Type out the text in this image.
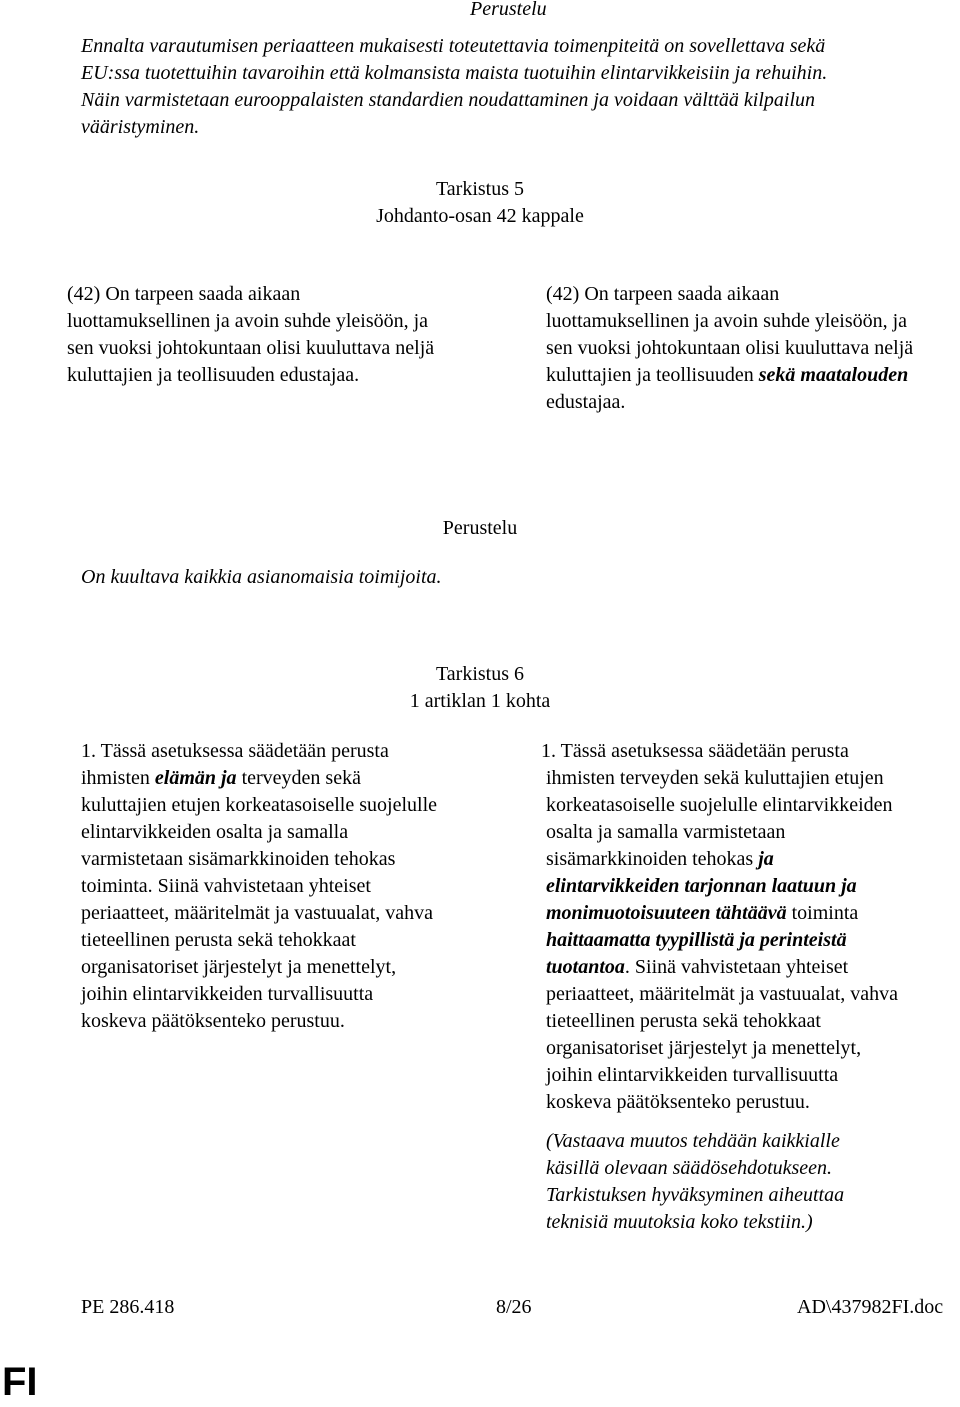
Perustelu
Ennalta varautumisen periaatteen mukaisesti toteutettavia toimenpiteitä on sovellettava sekä
EU:ssa tuotettuihin tavaroihin että kolmansista maista tuotuihin elintarvikkeisiin ja rehuihin.
Näin varmistetaan eurooppalaisten standardien noudattaminen ja voidaan välttää kilpailun
vääristyminen.
Tarkistus 5
Johdanto-osan 42 kappale
(42) On tarpeen saada aikaan
luottamuksellinen ja avoin suhde yleisöön, ja
sen vuoksi johtokuntaan olisi kuuluttava neljä
kuluttajien ja teollisuuden edustajaa.
(42) On tarpeen saada aikaan
luottamuksellinen ja avoin suhde yleisöön, ja
sen vuoksi johtokuntaan olisi kuuluttava neljä
kuluttajien ja teollisuuden sekä maatalouden
edustajaa.
Perustelu
On kuultava kaikkia asianomaisia toimijoita.
Tarkistus 6
1 artiklan 1 kohta
1. Tässä asetuksessa säädetään perusta
ihmisten elämän ja terveyden sekä
kuluttajien etujen korkeatasoiselle suojelulle
elintarvikkeiden osalta ja samalla
varmistetaan sisämarkkinoiden tehokas
toiminta. Siinä vahvistetaan yhteiset
periaatteet, määritelmät ja vastuualat, vahva
tieteellinen perusta sekä tehokkaat
organisatoriset järjestelyt ja menettelyt,
joihin elintarvikkeiden turvallisuutta
koskeva päätöksenteko perustuu.
1. Tässä asetuksessa säädetään perusta
ihmisten terveyden sekä kuluttajien etujen
korkeatasoiselle suojelulle elintarvikkeiden
osalta ja samalla varmistetaan
sisämarkkinoiden tehokas ja
elintarvikkeiden tarjonnan laatuun ja
monimuotoisuuteen tähtäävä toiminta
haittaamatta tyypillistä ja perinteistä
tuotantoa. Siinä vahvistetaan yhteiset
periaatteet, määritelmät ja vastuualat, vahva
tieteellinen perusta sekä tehokkaat
organisatoriset järjestelyt ja menettelyt,
joihin elintarvikkeiden turvallisuutta
koskeva päätöksenteko perustuu.
(Vastaava muutos tehdään kaikkialle
käsillä olevaan säädösehdotukseen.
Tarkistuksen hyväksyminen aiheuttaa
teknisiä muutoksia koko tekstiin.)
PE 286.418	8/26	AD\437982FI.doc
FI
